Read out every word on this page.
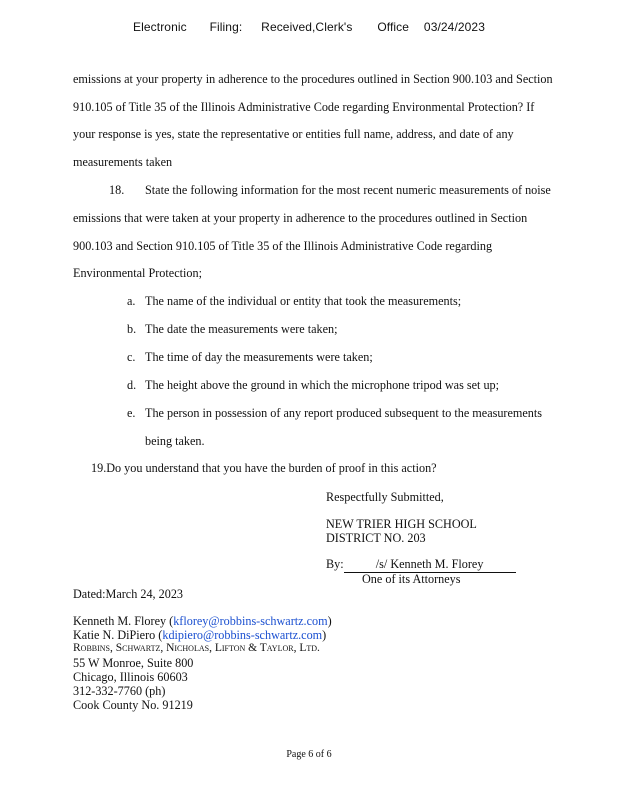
Electronic Filing: Received,Clerk's Office 03/24/2023
emissions at your property in adherence to the procedures outlined in Section 900.103 and Section
910.105 of Title 35 of the Illinois Administrative Code regarding Environmental Protection? If
your response is yes, state the representative or entities full name, address, and date of any
measurements taken
18. State the following information for the most recent numeric measurements of noise
emissions that were taken at your property in adherence to the procedures outlined in Section
900.103 and Section 910.105 of Title 35 of the Illinois Administrative Code regarding
Environmental Protection;
a. The name of the individual or entity that took the measurements;
b. The date the measurements were taken;
c. The time of day the measurements were taken;
d. The height above the ground in which the microphone tripod was set up;
e. The person in possession of any report produced subsequent to the measurements
being taken.
19.Do you understand that you have the burden of proof in this action?
Respectfully Submitted,
NEW TRIER HIGH SCHOOL
DISTRICT NO. 203
By:	/s/ Kenneth M. Florey
One of its Attorneys
Dated:March 24, 2023
Kenneth M. Florey (kflorey@robbins-schwartz.com)
Katie N. DiPiero (kdipiero@robbins-schwartz.com)
Robbins, Schwartz, Nicholas, Lifton & Taylor, Ltd.
55 W Monroe, Suite 800
Chicago, Illinois 60603
312-332-7760 (ph)
Cook County No. 91219
Page 6 of 6
